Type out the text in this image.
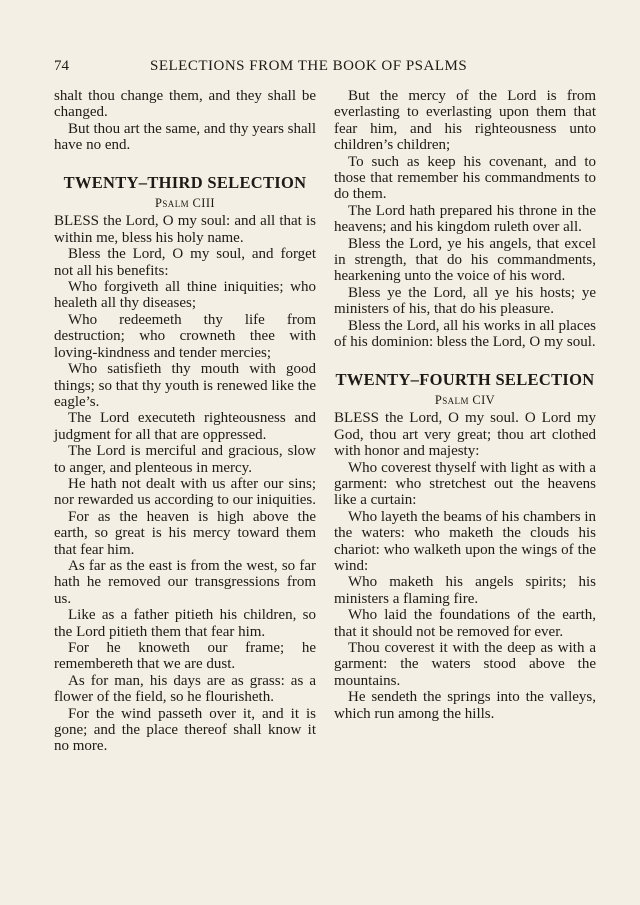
74	SELECTIONS FROM THE BOOK OF PSALMS

shalt thou change them, and they shall be changed.

But thou art the same, and thy years shall have no end.

TWENTY–THIRD SELECTION
Psalm CIII

BLESS the Lord, O my soul: and all that is within me, bless his holy name.

Bless the Lord, O my soul, and forget not all his benefits:

Who forgiveth all thine iniquities; who healeth all thy diseases;

Who redeemeth thy life from destruction; who crowneth thee with loving-kindness and tender mercies;

Who satisfieth thy mouth with good things; so that thy youth is renewed like the eagle’s.

The Lord executeth righteousness and judgment for all that are oppressed.

The Lord is merciful and gracious, slow to anger, and plenteous in mercy.

He hath not dealt with us after our sins; nor rewarded us according to our iniquities.

For as the heaven is high above the earth, so great is his mercy toward them that fear him.

As far as the east is from the west, so far hath he removed our transgressions from us.

Like as a father pitieth his children, so the Lord pitieth them that fear him.

For he knoweth our frame; he remembereth that we are dust.

As for man, his days are as grass: as a flower of the field, so he flourisheth.

For the wind passeth over it, and it is gone; and the place thereof shall know it no more.

But the mercy of the Lord is from everlasting to everlasting upon them that fear him, and his righteousness unto children’s children;

To such as keep his covenant, and to those that remember his commandments to do them.

The Lord hath prepared his throne in the heavens; and his kingdom ruleth over all.

Bless the Lord, ye his angels, that excel in strength, that do his commandments, hearkening unto the voice of his word.

Bless ye the Lord, all ye his hosts; ye ministers of his, that do his pleasure.

Bless the Lord, all his works in all places of his dominion: bless the Lord, O my soul.

TWENTY–FOURTH SELECTION
Psalm CIV

BLESS the Lord, O my soul. O Lord my God, thou art very great; thou art clothed with honor and majesty:

Who coverest thyself with light as with a garment: who stretchest out the heavens like a curtain:

Who layeth the beams of his chambers in the waters: who maketh the clouds his chariot: who walketh upon the wings of the wind:

Who maketh his angels spirits; his ministers a flaming fire.

Who laid the foundations of the earth, that it should not be removed for ever.

Thou coverest it with the deep as with a garment: the waters stood above the mountains.

He sendeth the springs into the valleys, which run among the hills.
